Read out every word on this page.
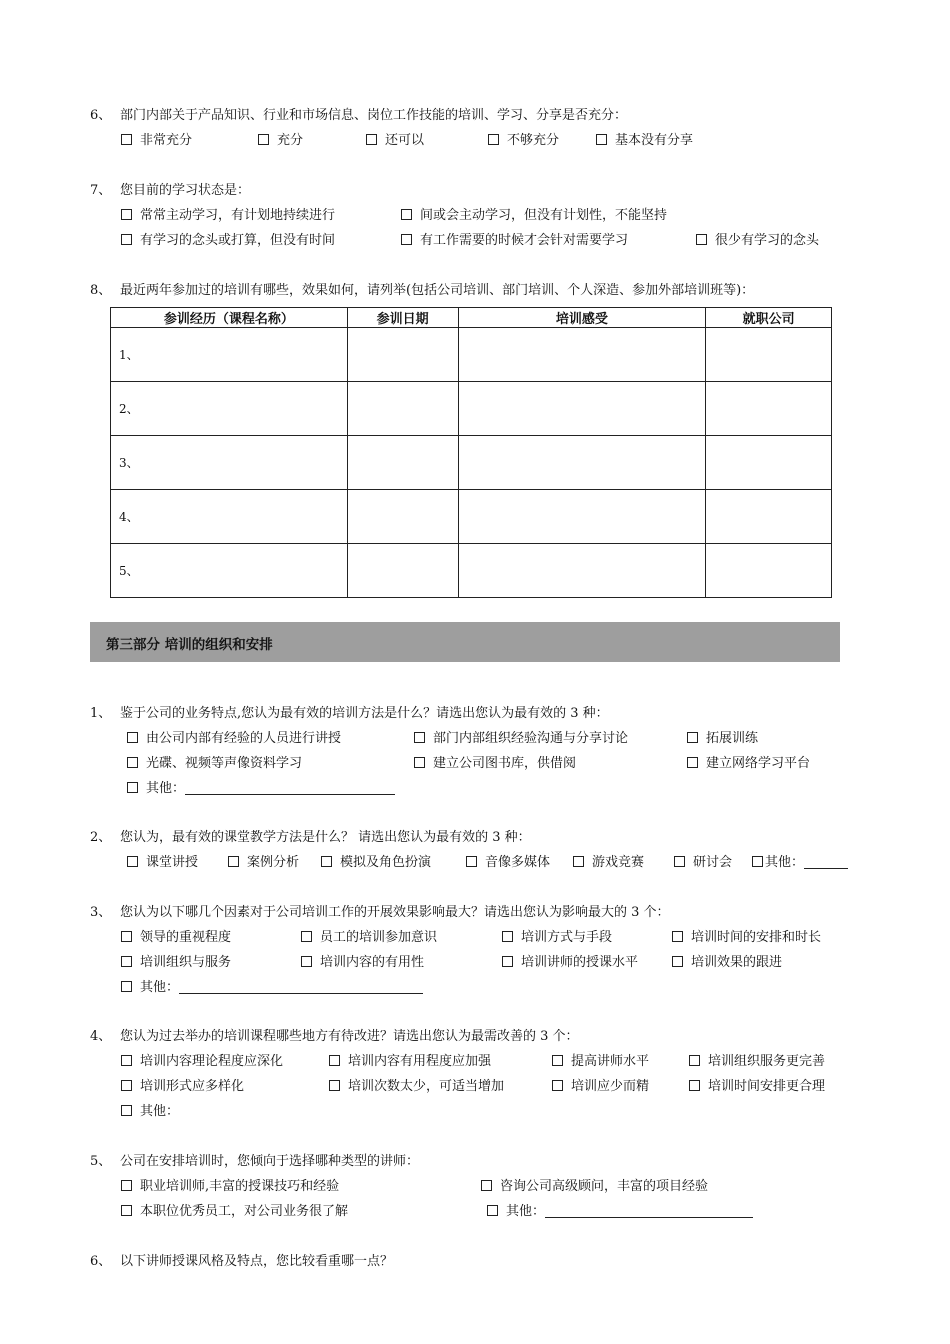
6、 部门内部关于产品知识、行业和市场信息、岗位工作技能的培训、学习、分享是否充分：
非常充分	充分	还可以	不够充分	基本没有分享
7、 您目前的学习状态是：
常常主动学习，有计划地持续进行	间或会主动学习，但没有计划性，不能坚持
有学习的念头或打算，但没有时间	有工作需要的时候才会针对需要学习	很少有学习的念头
8、 最近两年参加过的培训有哪些，效果如何，请列举(包括公司培训、部门培训、个人深造、参加外部培训班等)：
参训经历（课程名称）	参训日期	培训感受	就职公司
1、			
2、			
3、			
4、			
5、			
第三部分 培训的组织和安排
1、 鉴于公司的业务特点,您认为最有效的培训方法是什么？请选出您认为最有效的 3 种：
由公司内部有经验的人员进行讲授	部门内部组织经验沟通与分享讨论	拓展训练
光碟、视频等声像资料学习	建立公司图书库，供借阅	建立网络学习平台
其他：
2、 您认为，最有效的课堂教学方法是什么？ 请选出您认为最有效的 3 种：
课堂讲授	案例分析	模拟及角色扮演	音像多媒体	游戏竞赛	研讨会	其他：
3、 您认为以下哪几个因素对于公司培训工作的开展效果影响最大？请选出您认为影响最大的 3 个：
领导的重视程度	员工的培训参加意识	培训方式与手段	培训时间的安排和时长
培训组织与服务	培训内容的有用性	培训讲师的授课水平	培训效果的跟进
其他：
4、 您认为过去举办的培训课程哪些地方有待改进？请选出您认为最需改善的 3 个：
培训内容理论程度应深化	培训内容有用程度应加强	提高讲师水平	培训组织服务更完善
培训形式应多样化	培训次数太少，可适当增加	培训应少而精	培训时间安排更合理
其他：
5、 公司在安排培训时，您倾向于选择哪种类型的讲师：
职业培训师,丰富的授课技巧和经验	咨询公司高级顾问，丰富的项目经验
本职位优秀员工，对公司业务很了解	其他：
6、 以下讲师授课风格及特点，您比较看重哪一点？
